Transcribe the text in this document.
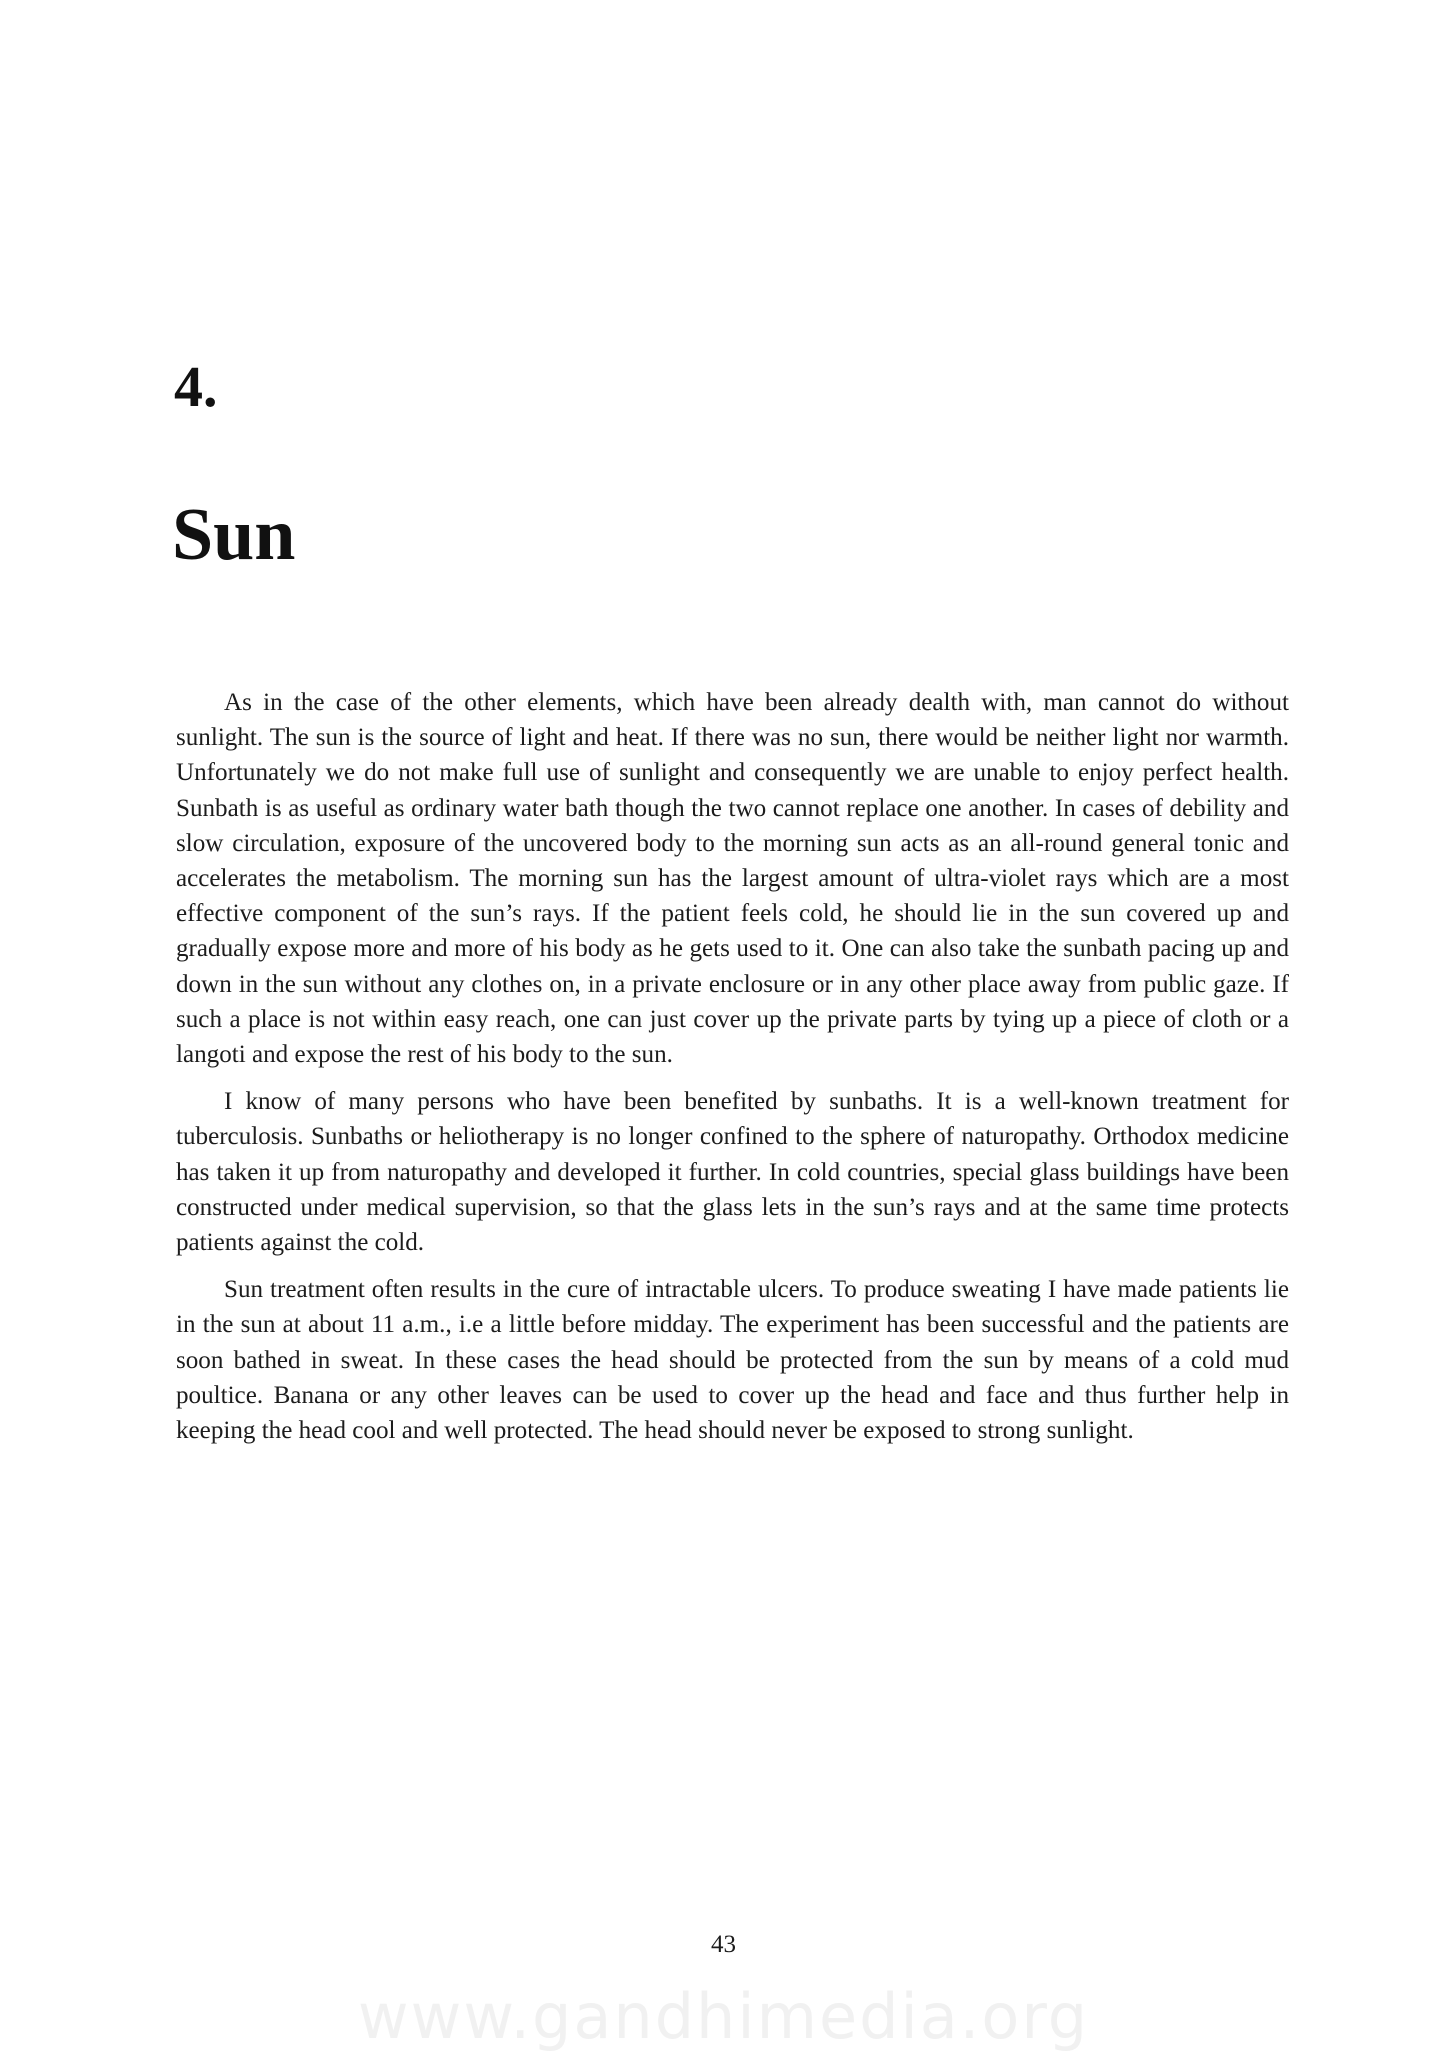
4.
Sun

As in the case of the other elements, which have been already dealth with, man cannot do without sunlight. The sun is the source of light and heat. If there was no sun, there would be neither light nor warmth. Unfortunately we do not make full use of sunlight and consequently we are unable to enjoy perfect health. Sunbath is as useful as ordinary water bath though the two cannot replace one another. In cases of debility and slow circulation, exposure of the uncovered body to the morning sun acts as an all-round general tonic and accelerates the metabolism. The morning sun has the largest amount of ultra-violet rays which are a most effective component of the sun’s rays. If the patient feels cold, he should lie in the sun covered up and gradually expose more and more of his body as he gets used to it. One can also take the sunbath pacing up and down in the sun without any clothes on, in a private enclosure or in any other place away from public gaze. If such a place is not within easy reach, one can just cover up the private parts by tying up a piece of cloth or a langoti and expose the rest of his body to the sun.

I know of many persons who have been benefited by sunbaths. It is a well-known treatment for tuberculosis. Sunbaths or heliotherapy is no longer confined to the sphere of naturopathy. Orthodox medicine has taken it up from naturopathy and developed it further. In cold countries, special glass buildings have been constructed under medical supervision, so that the glass lets in the sun’s rays and at the same time protects patients against the cold.

Sun treatment often results in the cure of intractable ulcers. To produce sweating I have made patients lie in the sun at about 11 a.m., i.e a little before midday. The experiment has been successful and the patients are soon bathed in sweat. In these cases the head should be protected from the sun by means of a cold mud poultice. Banana or any other leaves can be used to cover up the head and face and thus further help in keeping the head cool and well protected. The head should never be exposed to strong sunlight.

43

www.gandhimedia.org
